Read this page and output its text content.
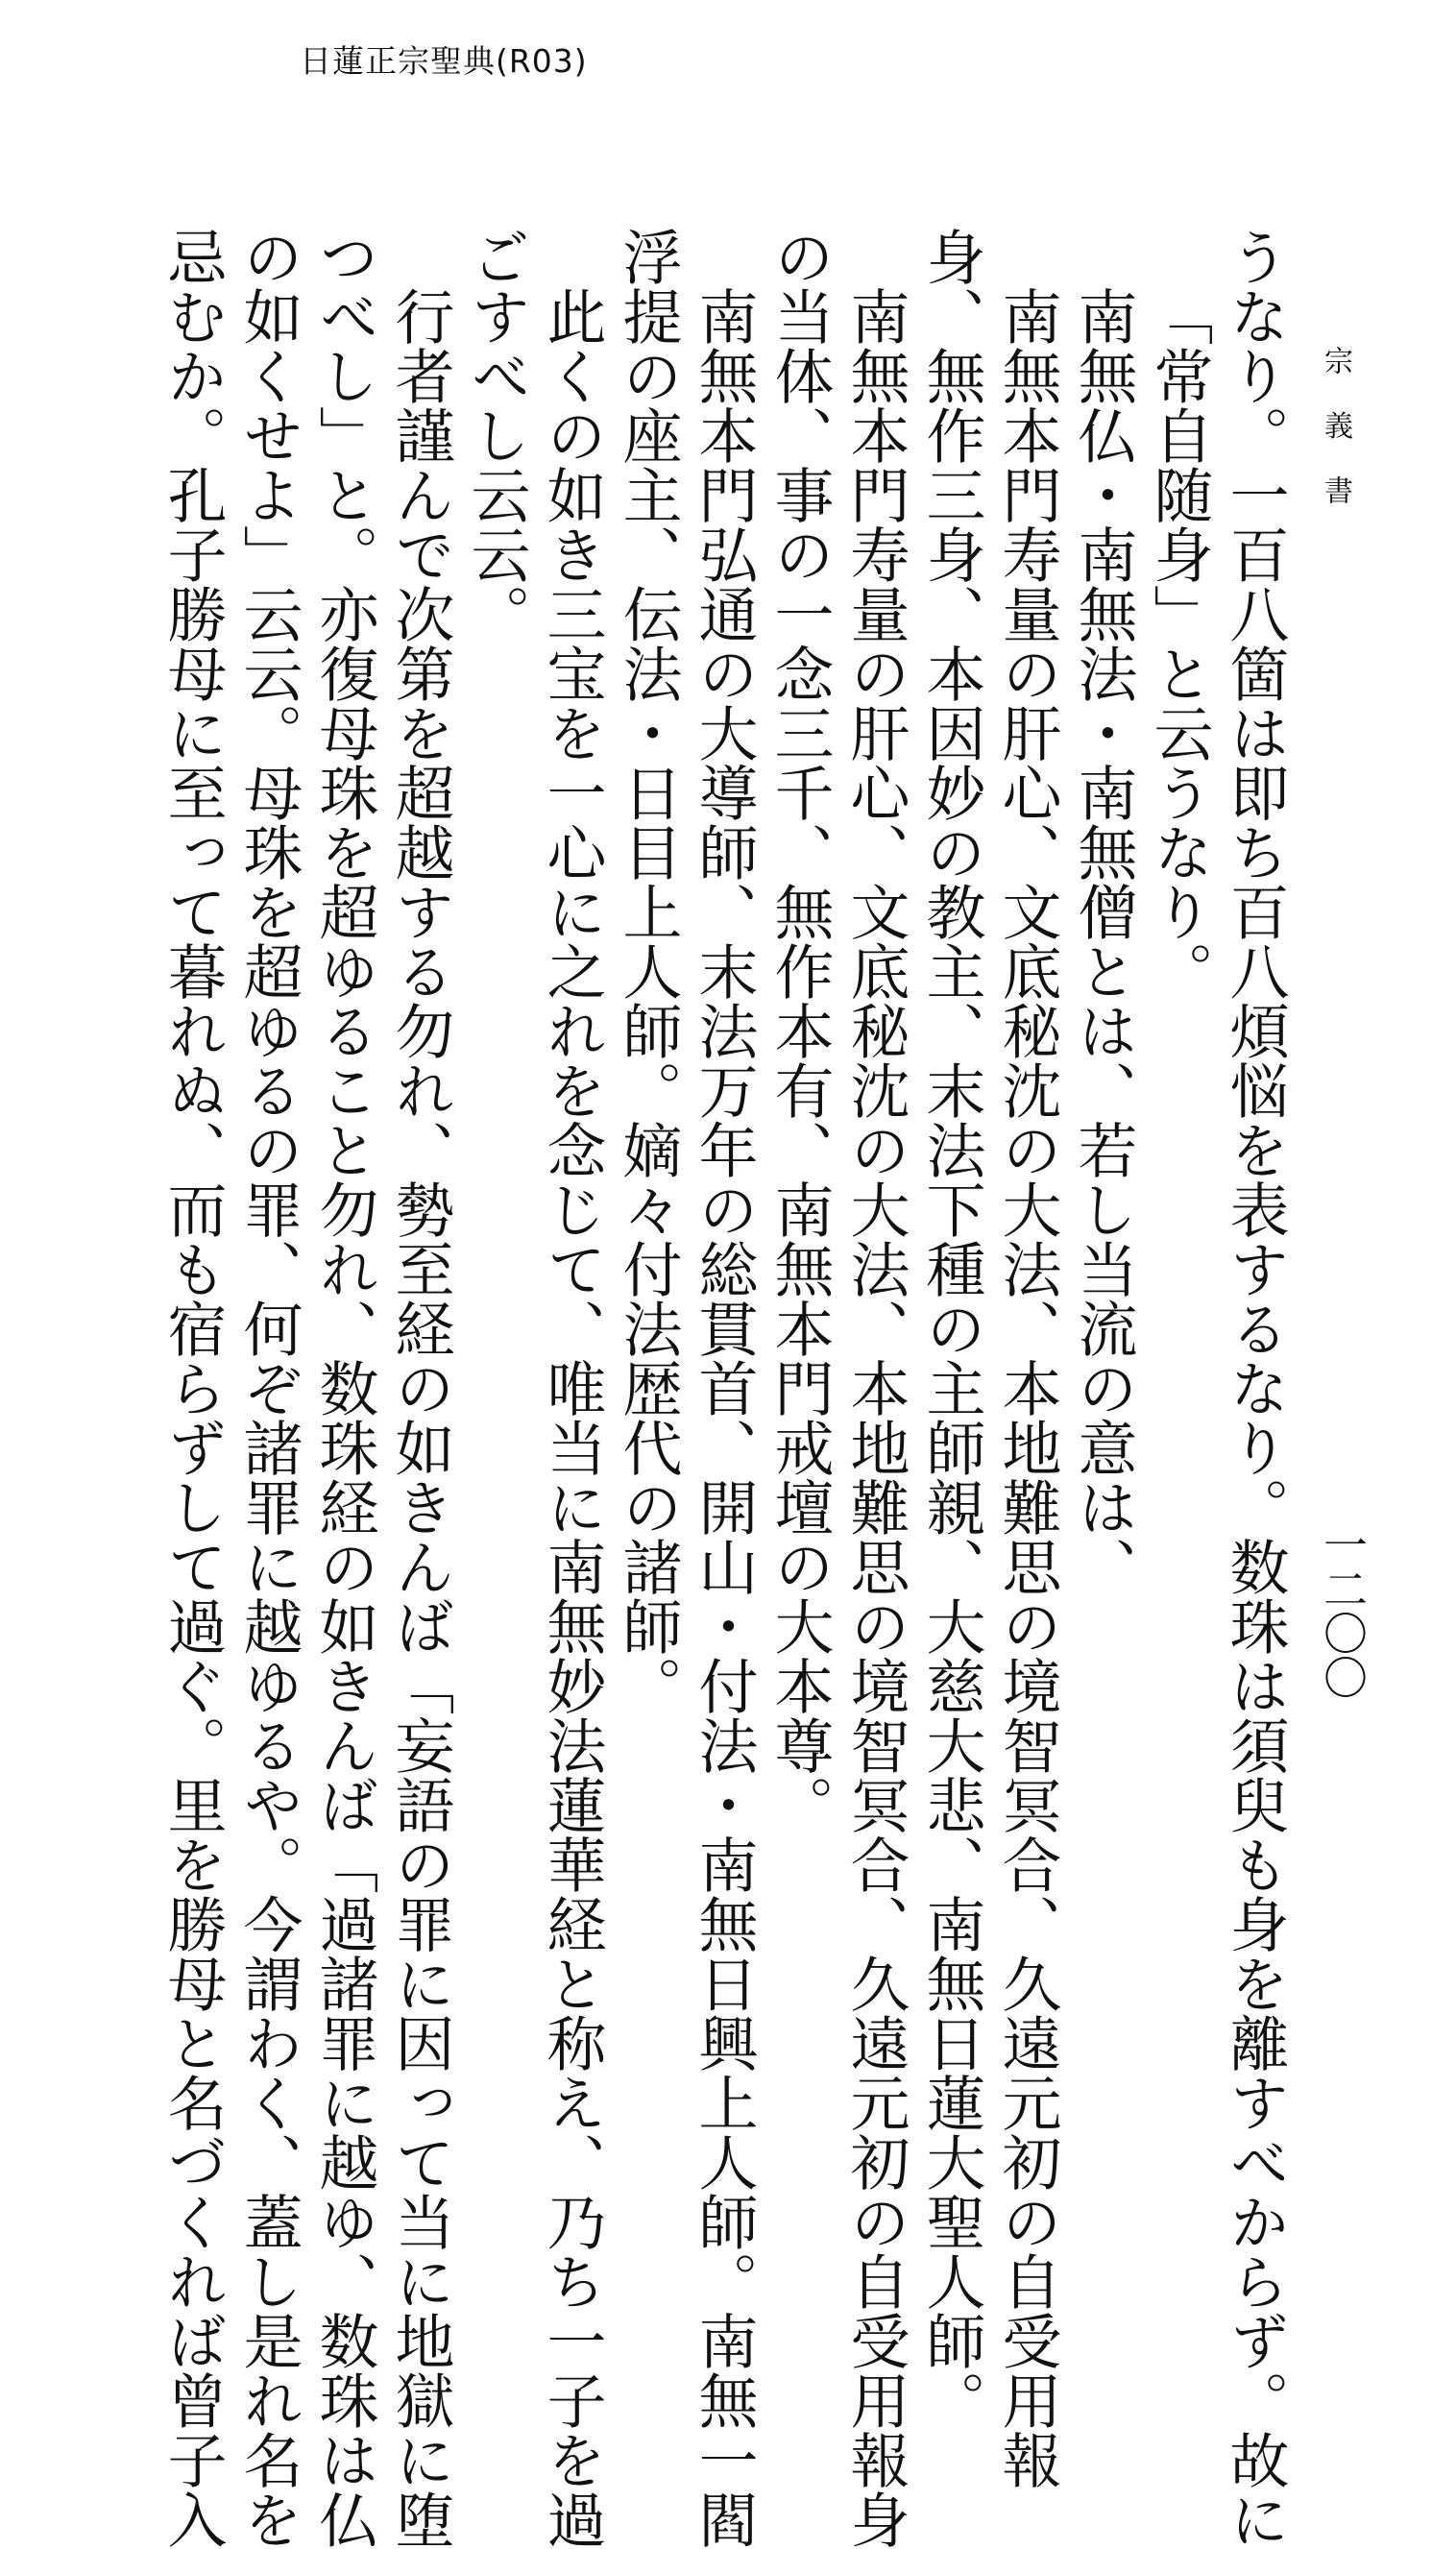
日蓮正宗聖典(R03)
宗 義 書
一二〇〇
うなり。一百八箇は即ち百八煩悩を表するなり。数珠は須臾も身を離すべからず。故に
「常自随身」と云うなり。
南無仏・南無法・南無僧とは、若し当流の意は、
南無本門寿量の肝心、文底秘沈の大法、本地難思の境智冥合、久遠元初の自受用報
身、無作三身、本因妙の教主、末法下種の主師親、大慈大悲、南無日蓮大聖人師。
南無本門寿量の肝心、文底秘沈の大法、本地難思の境智冥合、久遠元初の自受用報身
の当体、事の一念三千、無作本有、南無本門戒壇の大本尊。
南無本門弘通の大導師、末法万年の総貫首、開山・付法・南無日興上人師。南無一閻
浮提の座主、伝法・日目上人師。嫡々付法歴代の諸師。
此くの如き三宝を一心に之れを念じて、唯当に南無妙法蓮華経と称え、乃ち一子を過
ごすべし云云。
行者謹んで次第を超越する勿れ、勢至経の如きんば「妄語の罪に因って当に地獄に堕
つべし」と。亦復母珠を超ゆること勿れ、数珠経の如きんば「過諸罪に越ゆ、数珠は仏
の如くせよ」云云。母珠を超ゆるの罪、何ぞ諸罪に越ゆるや。今謂わく、蓋し是れ名を
忌むか。孔子勝母に至って暮れぬ、而も宿らずして過ぐ。里を勝母と名づくれば曾子入
